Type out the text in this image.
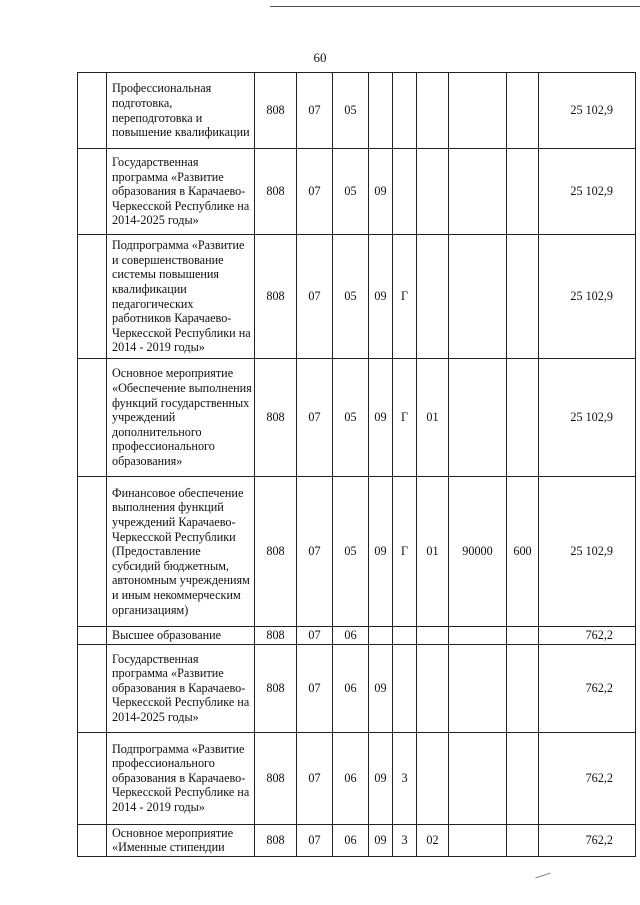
60
	Профессиональная подготовка, переподготовка и повышение квалификации	808	07	05						25 102,9
	Государственная программа «Развитие образования в Карачаево-Черкесской Республике на 2014-2025 годы»	808	07	05	09					25 102,9
	Подпрограмма «Развитие и совершенствование системы повышения квалификации педагогических работников Карачаево-Черкесской Республики на 2014 - 2019 годы»	808	07	05	09	Г				25 102,9
	Основное мероприятие «Обеспечение выполнения функций государственных учреждений дополнительного профессионального образования»	808	07	05	09	Г	01			25 102,9
	Финансовое обеспечение выполнения функций учреждений Карачаево-Черкесской Республики (Предоставление субсидий бюджетным, автономным учреждениям и иным некоммерческим организациям)	808	07	05	09	Г	01	90000	600	25 102,9
	Высшее образование	808	07	06						762,2
	Государственная программа «Развитие образования в Карачаево-Черкесской Республике на 2014-2025 годы»	808	07	06	09					762,2
	Подпрограмма «Развитие профессионального образования в Карачаево-Черкесской Республике на 2014 - 2019 годы»	808	07	06	09	3				762,2
	Основное мероприятие «Именные стипендии	808	07	06	09	3	02			762,2
